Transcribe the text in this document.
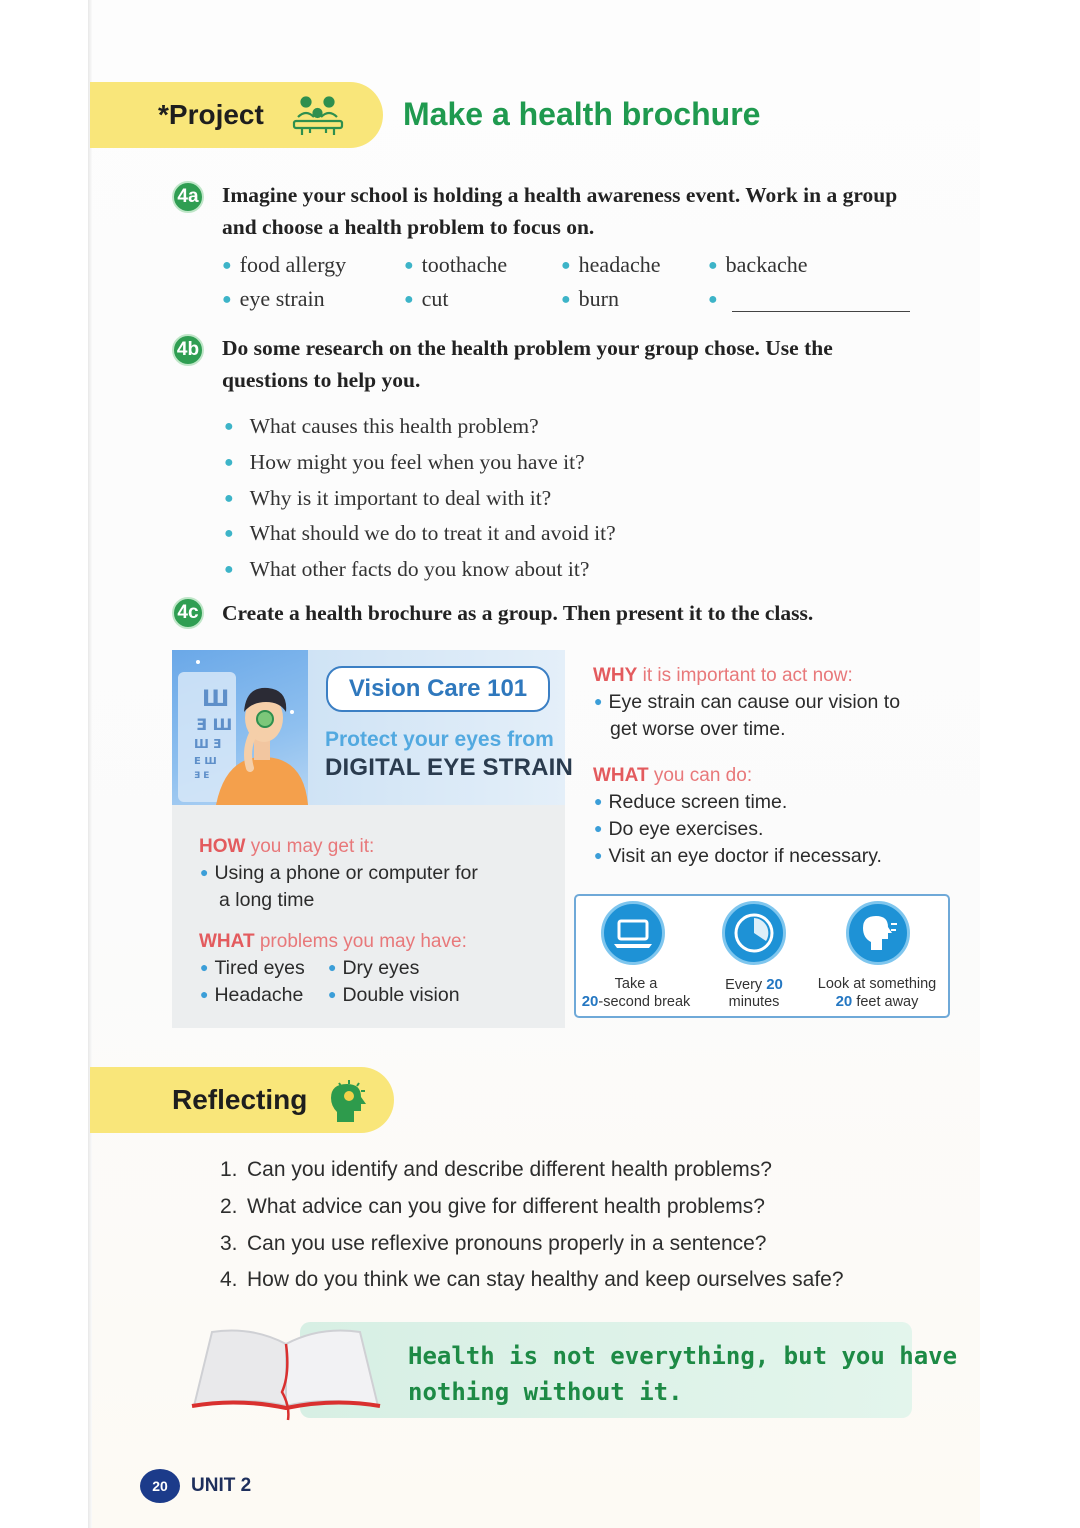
*Project	Make a health brochure
4a Imagine your school is holding a health awareness event. Work in a group
and choose a health problem to focus on.
● food allergy	● toothache	● headache	● backache
● eye strain	● cut	● burn	●
4b Do some research on the health problem your group chose. Use the
questions to help you.
● What causes this health problem?
● How might you feel when you have it?
● Why is it important to deal with it?
● What should we do to treat it and avoid it?
● What other facts do you know about it?
4c Create a health brochure as a group. Then present it to the class.
Ш
Ǝ Ш
Ш Ǝ
E Ш
Ǝ E
Vision Care 101
Protect your eyes from
DIGITAL EYE STRAIN
HOW you may get it:
● Using a phone or computer for
a long time
WHAT problems you may have:
● Tired eyes ● Dry eyes
● Headache ● Double vision
WHY it is important to act now:
● Eye strain can cause our vision to
get worse over time.
WHAT you can do:
● Reduce screen time.
● Do eye exercises.
● Visit an eye doctor if necessary.
Take a
20-second break
Every 20
minutes
Look at something
20 feet away
Reflecting
1. Can you identify and describe different health problems?
2. What advice can you give for different health problems?
3. Can you use reflexive pronouns properly in a sentence?
4. How do you think we can stay healthy and keep ourselves safe?
Health is not everything, but you have
nothing without it.
20	UNIT 2
